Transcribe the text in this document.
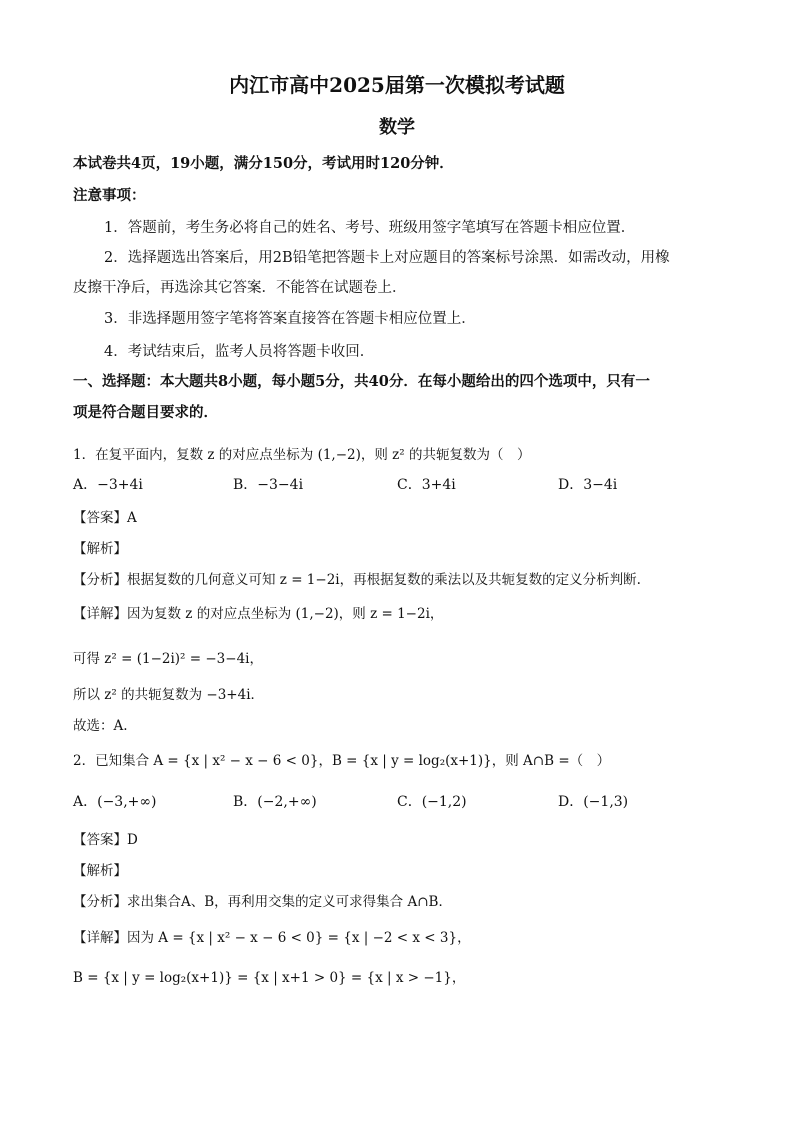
内江市高中2025届第一次模拟考试题
数学
本试卷共4页，19小题，满分150分，考试用时120分钟．
注意事项：
1．答题前，考生务必将自己的姓名、考号、班级用签字笔填写在答题卡相应位置．
2．选择题选出答案后，用2B铅笔把答题卡上对应题目的答案标号涂黑．如需改动，用橡
皮擦干净后，再选涂其它答案．不能答在试题卷上．
3．非选择题用签字笔将答案直接答在答题卡相应位置上．
4．考试结束后，监考人员将答题卡收回．
一、选择题：本大题共8小题，每小题5分，共40分．在每小题给出的四个选项中，只有一
项是符合题目要求的．
1．在复平面内，复数 z 的对应点坐标为 (1,−2)，则 z² 的共轭复数为（　）
A．−3+4i	B．−3−4i	C．3+4i	D．3−4i
【答案】A
【解析】
【分析】根据复数的几何意义可知 z = 1−2i，再根据复数的乘法以及共轭复数的定义分析判断.
【详解】因为复数 z 的对应点坐标为 (1,−2)，则 z = 1−2i，
可得 z² = (1−2i)² = −3−4i，
所以 z² 的共轭复数为 −3+4i．
故选：A.
2．已知集合 A = {x | x² − x − 6 < 0}，B = {x | y = log₂(x+1)}，则 A∩B =（　）
A．(−3,+∞)	B．(−2,+∞)	C．(−1,2)	D．(−1,3)
【答案】D
【解析】
【分析】求出集合A、B，再利用交集的定义可求得集合 A∩B．
【详解】因为 A = {x | x² − x − 6 < 0} = {x | −2 < x < 3}，
B = {x | y = log₂(x+1)} = {x | x+1 > 0} = {x | x > −1}，
